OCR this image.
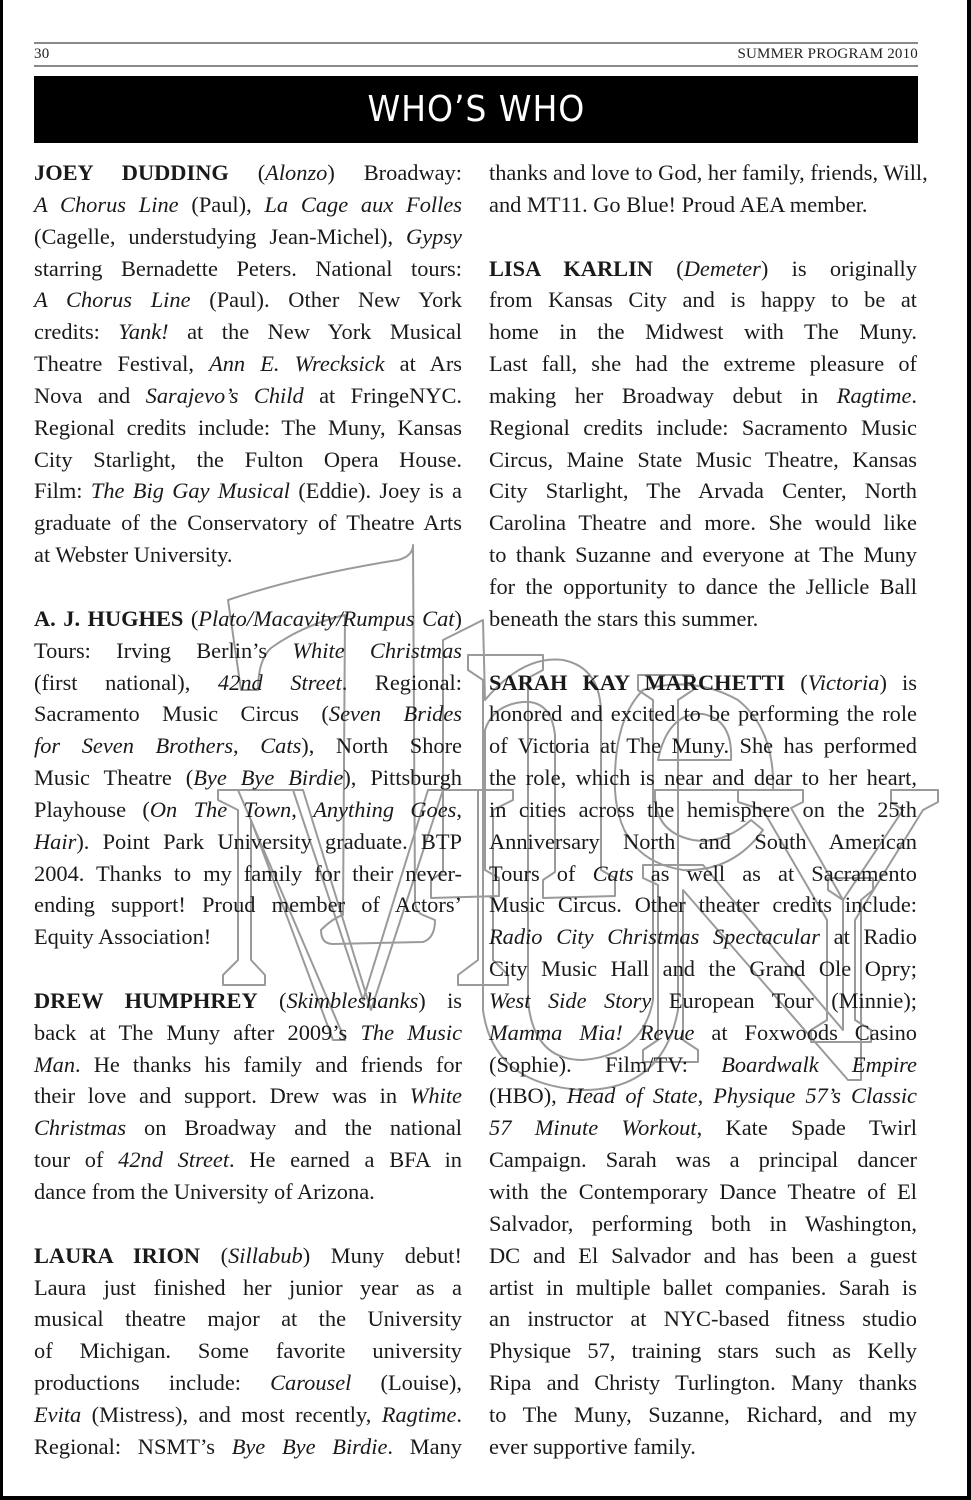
30	SUMMER PROGRAM 2010
WHO’S WHO
JOEY DUDDING (Alonzo) Broadway:
A Chorus Line (Paul), La Cage aux Folles
(Cagelle, understudying Jean-Michel), Gypsy
starring Bernadette Peters. National tours:
A Chorus Line (Paul). Other New York
credits: Yank! at the New York Musical
Theatre Festival, Ann E. Wrecksick at Ars
Nova and Sarajevo’s Child at FringeNYC.
Regional credits include: The Muny, Kansas
City Starlight, the Fulton Opera House.
Film: The Big Gay Musical (Eddie). Joey is a
graduate of the Conservatory of Theatre Arts
at Webster University.
A. J. HUGHES (Plato/Macavity/Rumpus Cat)
Tours: Irving Berlin’s White Christmas
(first national), 42nd Street. Regional:
Sacramento Music Circus (Seven Brides
for Seven Brothers, Cats), North Shore
Music Theatre (Bye Bye Birdie), Pittsburgh
Playhouse (On The Town, Anything Goes,
Hair). Point Park University graduate. BTP
2004. Thanks to my family for their never-
ending support! Proud member of Actors’
Equity Association!
DREW HUMPHREY (Skimbleshanks) is
back at The Muny after 2009’s The Music
Man. He thanks his family and friends for
their love and support. Drew was in White
Christmas on Broadway and the national
tour of 42nd Street. He earned a BFA in
dance from the University of Arizona.
LAURA IRION (Sillabub) Muny debut!
Laura just finished her junior year as a
musical theatre major at the University
of Michigan. Some favorite university
productions include: Carousel (Louise),
Evita (Mistress), and most recently, Ragtime.
Regional: NSMT’s Bye Bye Birdie. Many
thanks and love to God, her family, friends, Will,
and MT11. Go Blue! Proud AEA member.
LISA KARLIN (Demeter) is originally
from Kansas City and is happy to be at
home in the Midwest with The Muny.
Last fall, she had the extreme pleasure of
making her Broadway debut in Ragtime.
Regional credits include: Sacramento Music
Circus, Maine State Music Theatre, Kansas
City Starlight, The Arvada Center, North
Carolina Theatre and more. She would like
to thank Suzanne and everyone at The Muny
for the opportunity to dance the Jellicle Ball
beneath the stars this summer.
SARAH KAY MARCHETTI (Victoria) is
honored and excited to be performing the role
of Victoria at The Muny. She has performed
the role, which is near and dear to her heart,
in cities across the hemisphere on the 25th
Anniversary North and South American
Tours of Cats as well as at Sacramento
Music Circus. Other theater credits include:
Radio City Christmas Spectacular at Radio
City Music Hall and the Grand Ole Opry;
West Side Story European Tour (Minnie);
Mamma Mia! Revue at Foxwoods Casino
(Sophie). Film/TV: Boardwalk Empire
(HBO), Head of State, Physique 57’s Classic
57 Minute Workout, Kate Spade Twirl
Campaign. Sarah was a principal dancer
with the Contemporary Dance Theatre of El
Salvador, performing both in Washington,
DC and El Salvador and has been a guest
artist in multiple ballet companies. Sarah is
an instructor at NYC-based fitness studio
Physique 57, training stars such as Kelly
Ripa and Christy Turlington. Many thanks
to The Muny, Suzanne, Richard, and my
ever supportive family.
